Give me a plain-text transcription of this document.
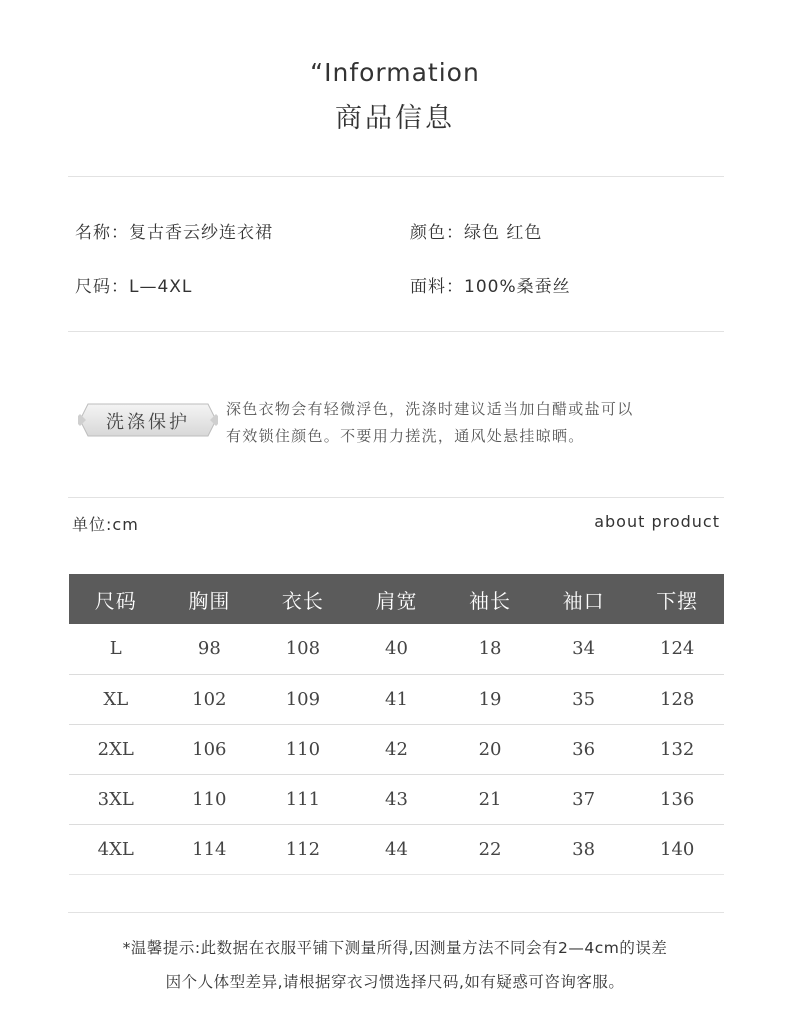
“Information
商品信息
名称：复古香云纱连衣裙	颜色：绿色 红色
尺码：L—4XL	面料：100%桑蚕丝
洗涤保护
深色衣物会有轻微浮色，洗涤时建议适当加白醋或盐可以
有效锁住颜色。不要用力搓洗，通风处悬挂晾晒。
单位:cm	about product
尺码	胸围	衣长	肩宽	袖长	袖口	下摆
L	98	108	40	18	34	124
XL	102	109	41	19	35	128
2XL	106	110	42	20	36	132
3XL	110	111	43	21	37	136
4XL	114	112	44	22	38	140
*温馨提示:此数据在衣服平铺下测量所得,因测量方法不同会有2—4cm的误差
因个人体型差异,请根据穿衣习惯选择尺码,如有疑惑可咨询客服。
